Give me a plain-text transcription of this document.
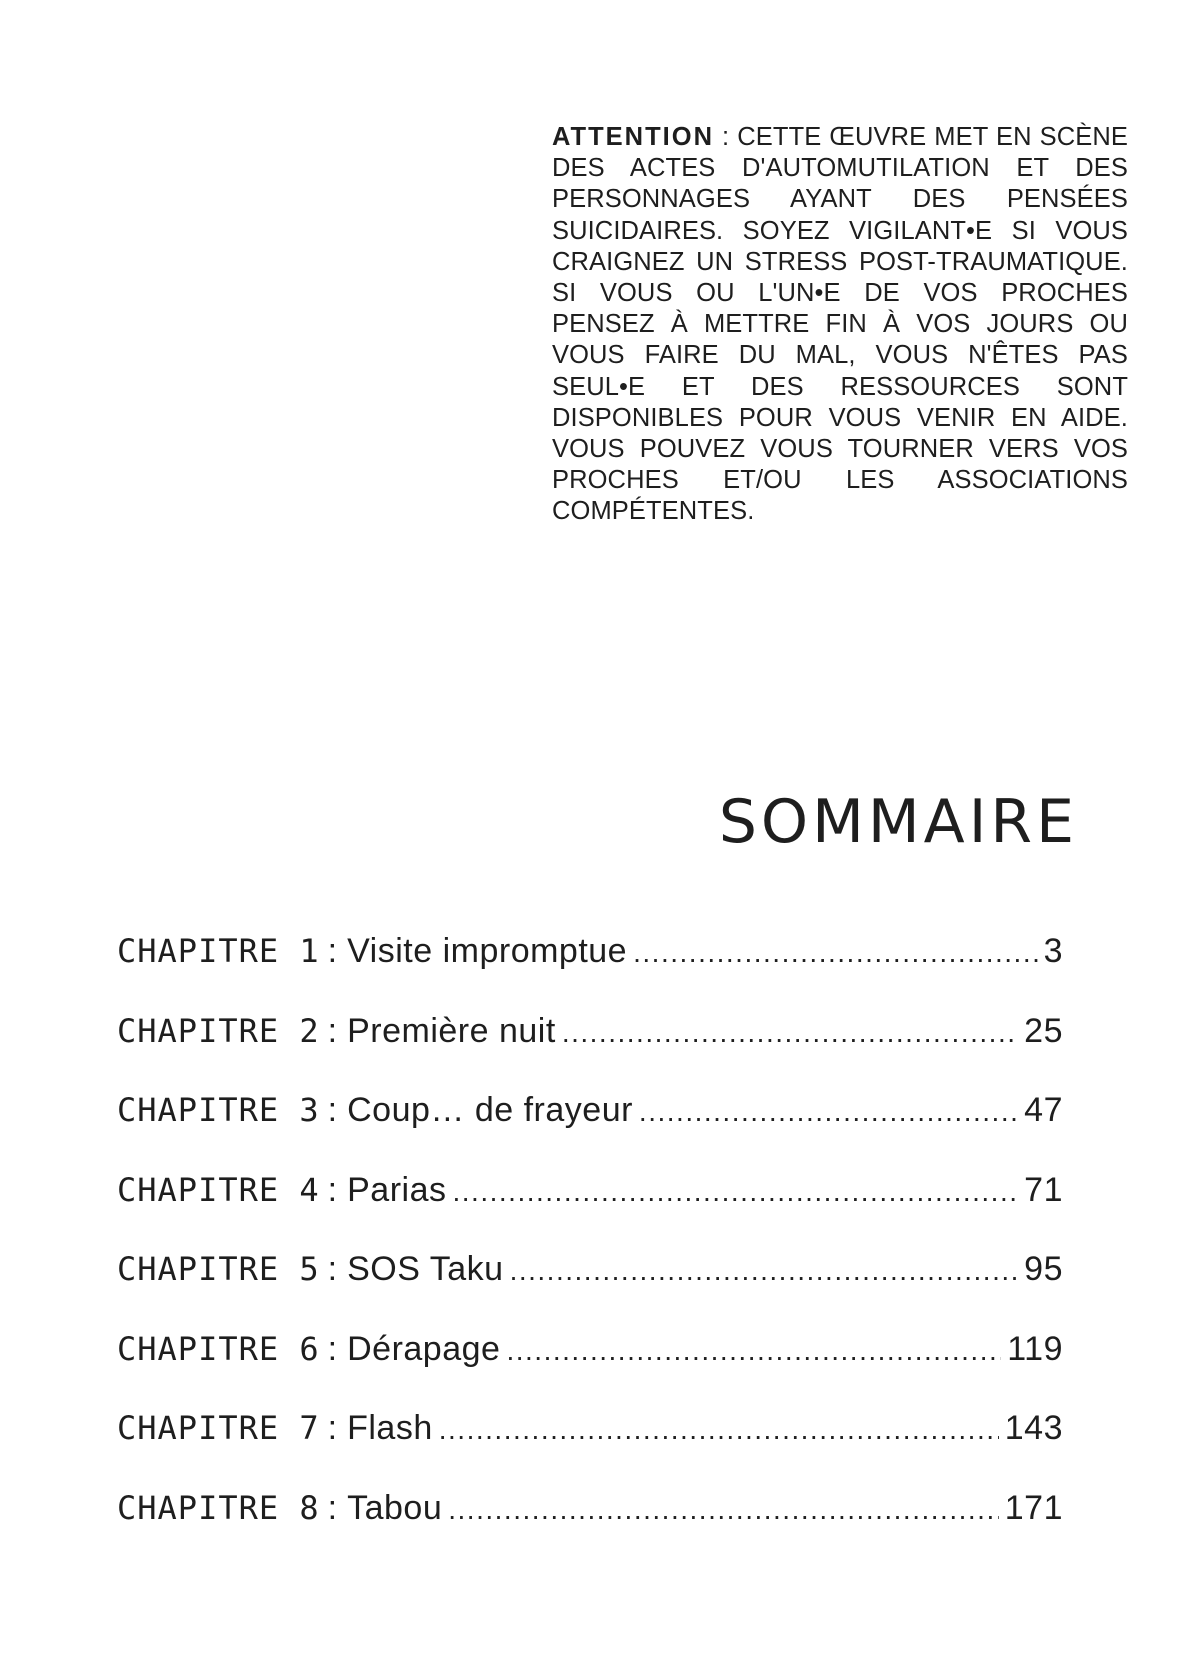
ATTENTION : CETTE ŒUVRE MET EN SCÈNE DES ACTES D'AUTOMUTILATION ET DES PERSONNAGES AYANT DES PENSÉES SUICIDAIRES. SOYEZ VIGILANT•E SI VOUS CRAIGNEZ UN STRESS POST-TRAUMATIQUE. SI VOUS OU L'UN•E DE VOS PROCHES PENSEZ À METTRE FIN À VOS JOURS OU VOUS FAIRE DU MAL, VOUS N'ÊTES PAS SEUL•E ET DES RESSOURCES SONT DISPONIBLES POUR VOUS VENIR EN AIDE. VOUS POUVEZ VOUS TOURNER VERS VOS PROCHES ET/OU LES ASSOCIATIONS COMPÉTENTES.
SOMMAIRE
CHAPITRE 1 : Visite impromptue .....	3
CHAPITRE 2 : Première nuit .....	25
CHAPITRE 3 : Coup… de frayeur .....	47
CHAPITRE 4 : Parias .....	71
CHAPITRE 5 : SOS Taku .....	95
CHAPITRE 6 : Dérapage .....	119
CHAPITRE 7 : Flash .....	143
CHAPITRE 8 : Tabou .....	171
